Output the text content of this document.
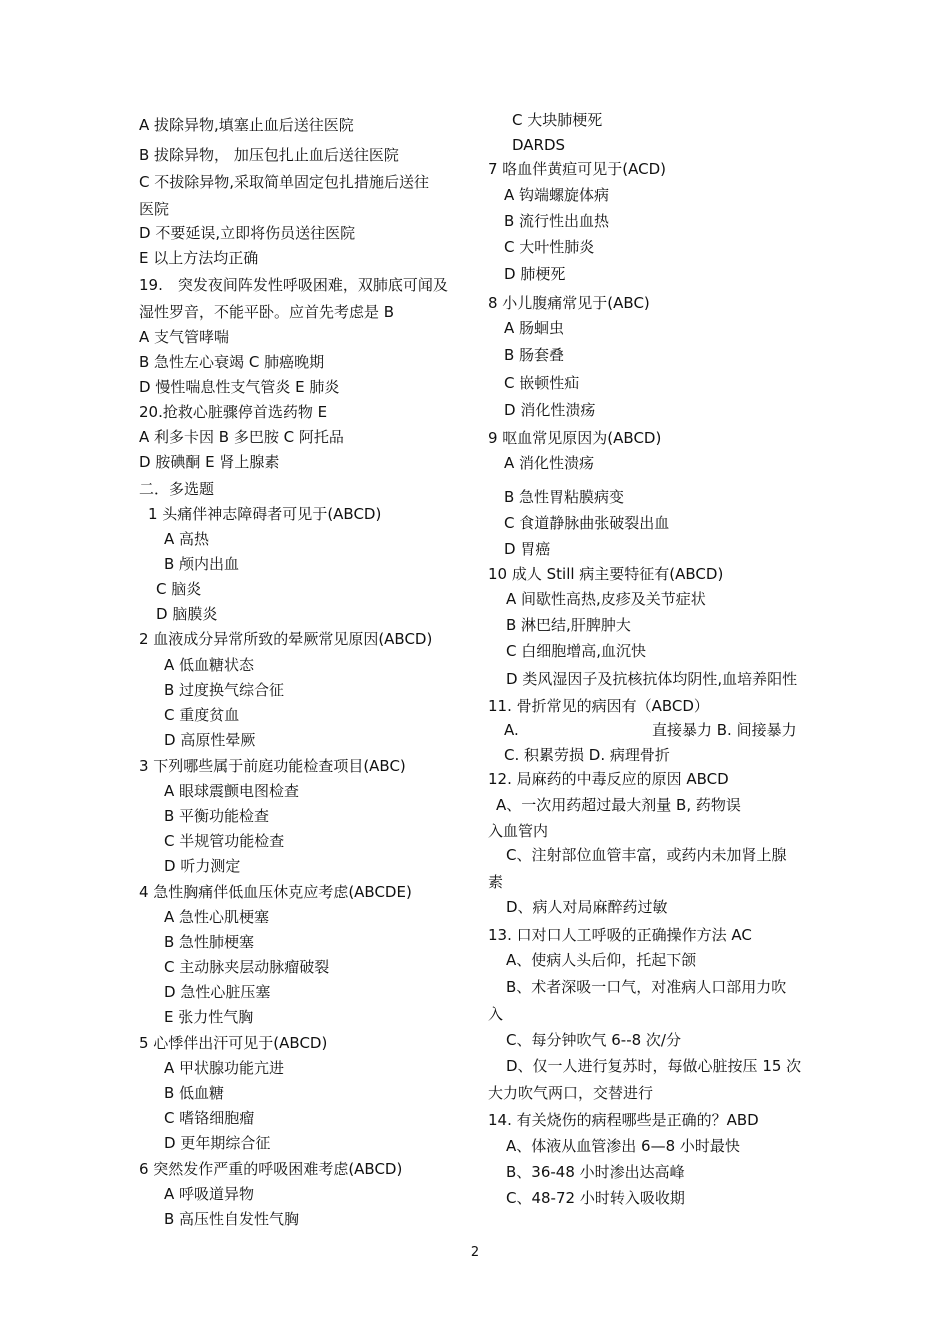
A 拔除异物,填塞止血后送往医院
B 拔除异物， 加压包扎止血后送往医院
C 不拔除异物,采取简单固定包扎措施后送往
医院
D 不要延误,立即将伤员送往医院
E 以上方法均正确
19.　突发夜间阵发性呼吸困难，双肺底可闻及
湿性罗音，不能平卧。应首先考虑是 B
A 支气管哮喘
B 急性左心衰竭 C 肺癌晚期
D 慢性喘息性支气管炎 E 肺炎
20.抢救心脏骤停首选药物 E
A 利多卡因 B 多巴胺 C 阿托品
D 胺碘酮 E 肾上腺素
二．多选题
1 头痛伴神志障碍者可见于(ABCD)
A 高热
B 颅内出血
C 脑炎
D 脑膜炎
2 血液成分异常所致的晕厥常见原因(ABCD)
A 低血糖状态
B 过度换气综合征
C 重度贫血
D 高原性晕厥
3 下列哪些属于前庭功能检查项目(ABC)
A 眼球震颤电图检查
B 平衡功能检查
C 半规管功能检查
D 听力测定
4 急性胸痛伴低血压休克应考虑(ABCDE)
A 急性心肌梗塞
B 急性肺梗塞
C 主动脉夹层动脉瘤破裂
D 急性心脏压塞
E 张力性气胸
5 心悸伴出汗可见于(ABCD)
A 甲状腺功能亢进
B 低血糖
C 嗜铬细胞瘤
D 更年期综合征
6 突然发作严重的呼吸困难考虑(ABCD)
A 呼吸道异物
B 高压性自发性气胸
C 大块肺梗死
DARDS
7 咯血伴黄疸可见于(ACD)
A 钩端螺旋体病
B 流行性出血热
C 大叶性肺炎
D 肺梗死
8 小儿腹痛常见于(ABC)
A 肠蛔虫
B 肠套叠
C 嵌顿性疝
D 消化性溃疡
9 呕血常见原因为(ABCD)
A 消化性溃疡
B 急性胃粘膜病变
C 食道静脉曲张破裂出血
D 胃癌
10 成人 Still 病主要特征有(ABCD)
A 间歇性高热,皮疹及关节症状
B 淋巴结,肝脾肿大
C 白细胞增高,血沉快
D 类风湿因子及抗核抗体均阴性,血培养阳性
11. 骨折常见的病因有（ABCD）
A.	直接暴力 B. 间接暴力
C. 积累劳损 D. 病理骨折
12. 局麻药的中毒反应的原因 ABCD
A、一次用药超过最大剂量 B, 药物误
入血管内
C、注射部位血管丰富，或药内未加肾上腺
素
D、病人对局麻醉药过敏
13. 口对口人工呼吸的正确操作方法 AC
A、使病人头后仰，托起下颌
B、术者深吸一口气，对准病人口部用力吹
入
C、每分钟吹气 6--8 次/分
D、仅一人进行复苏时，每做心脏按压 15 次
大力吹气两口，交替进行
14. 有关烧伤的病程哪些是正确的？ABD
A、体液从血管渗出 6—8 小时最快
B、36-48 小时渗出达高峰
C、48-72 小时转入吸收期
2
